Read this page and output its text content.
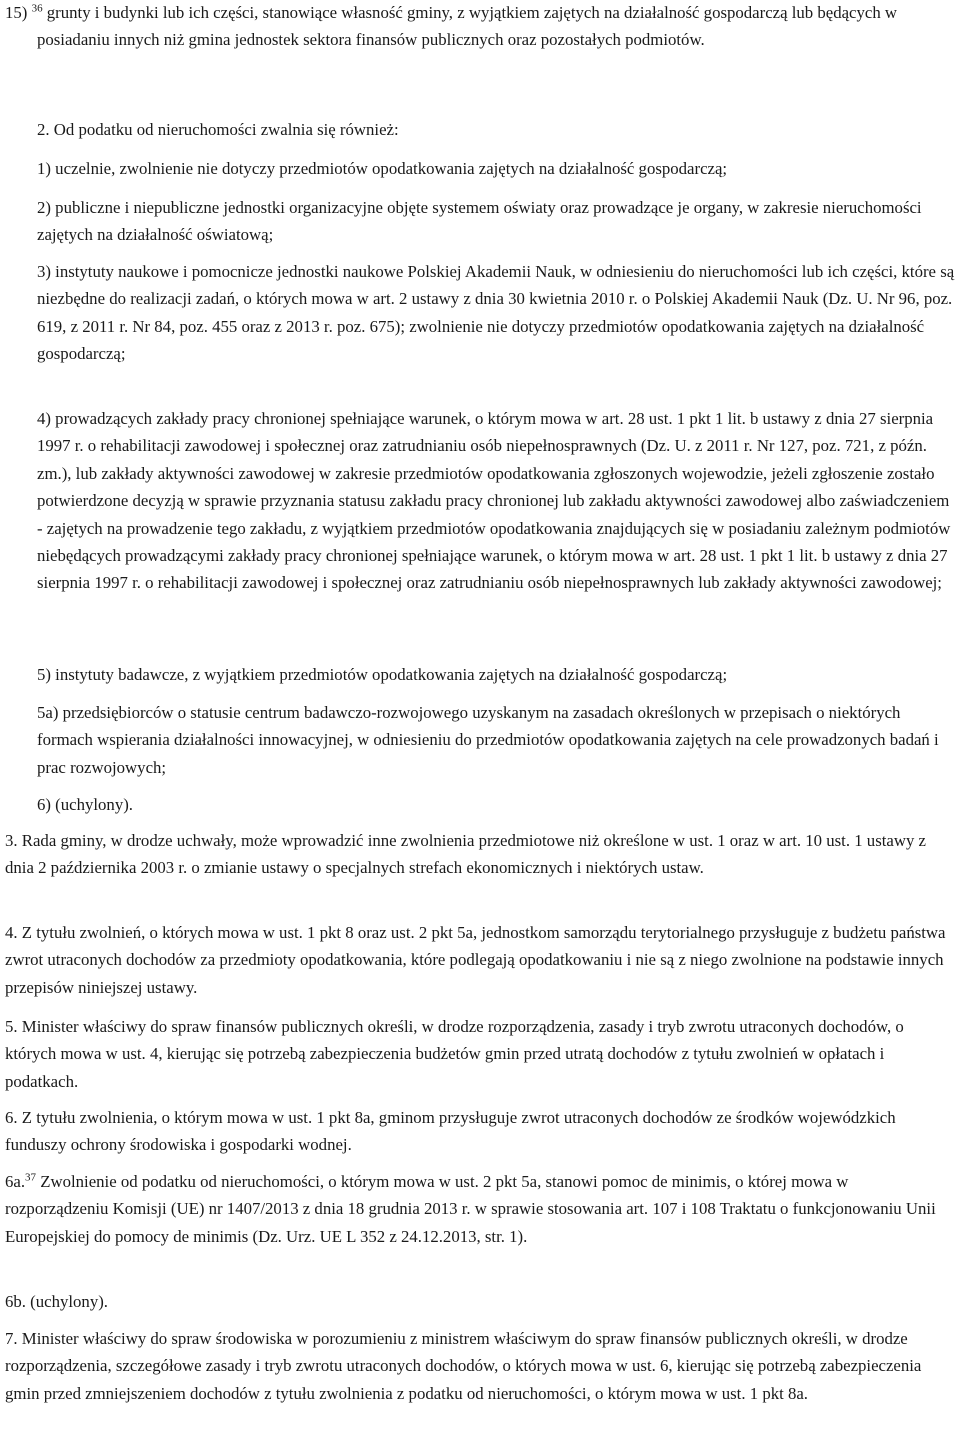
15) $^{36}$ grunty i budynki lub ich części, stanowiące własność gminy, z wyjątkiem zajętych na działalność gospodarczą lub będących w posiadaniu innych niż gmina jednostek sektora finansów publicznych oraz pozostałych podmiotów.

2. Od podatku od nieruchomości zwalnia się również:

1) uczelnie, zwolnienie nie dotyczy przedmiotów opodatkowania zajętych na działalność gospodarczą;

2) publiczne i niepubliczne jednostki organizacyjne objęte systemem oświaty oraz prowadzące je organy, w zakresie nieruchomości zajętych na działalność oświatową;

3) instytuty naukowe i pomocnicze jednostki naukowe Polskiej Akademii Nauk, w odniesieniu do nieruchomości lub ich części, które są niezbędne do realizacji zadań, o których mowa w art. 2 ustawy z dnia 30 kwietnia 2010 r. o Polskiej Akademii Nauk (Dz. U. Nr 96, poz. 619, z 2011 r. Nr 84, poz. 455 oraz z 2013 r. poz. 675); zwolnienie nie dotyczy przedmiotów opodatkowania zajętych na działalność gospodarczą;

4) prowadzących zakłady pracy chronionej spełniające warunek, o którym mowa w art. 28 ust. 1 pkt 1 lit. b ustawy z dnia 27 sierpnia 1997 r. o rehabilitacji zawodowej i społecznej oraz zatrudnianiu osób niepełnosprawnych (Dz. U. z 2011 r. Nr 127, poz. 721, z późn. zm.), lub zakłady aktywności zawodowej w zakresie przedmiotów opodatkowania zgłoszonych wojewodzie, jeżeli zgłoszenie zostało potwierdzone decyzją w sprawie przyznania statusu zakładu pracy chronionej lub zakładu aktywności zawodowej albo zaświadczeniem - zajętych na prowadzenie tego zakładu, z wyjątkiem przedmiotów opodatkowania znajdujących się w posiadaniu zależnym podmiotów niebędących prowadzącymi zakłady pracy chronionej spełniające warunek, o którym mowa w art. 28 ust. 1 pkt 1 lit. b ustawy z dnia 27 sierpnia 1997 r. o rehabilitacji zawodowej i społecznej oraz zatrudnianiu osób niepełnosprawnych lub zakłady aktywności zawodowej;

5) instytuty badawcze, z wyjątkiem przedmiotów opodatkowania zajętych na działalność gospodarczą;

5a) przedsiębiorców o statusie centrum badawczo-rozwojowego uzyskanym na zasadach określonych w przepisach o niektórych formach wspierania działalności innowacyjnej, w odniesieniu do przedmiotów opodatkowania zajętych na cele prowadzonych badań i prac rozwojowych;

6) (uchylony).

3. Rada gminy, w drodze uchwały, może wprowadzić inne zwolnienia przedmiotowe niż określone w ust. 1 oraz w art. 10 ust. 1 ustawy z dnia 2 października 2003 r. o zmianie ustawy o specjalnych strefach ekonomicznych i niektórych ustaw.

4. Z tytułu zwolnień, o których mowa w ust. 1 pkt 8 oraz ust. 2 pkt 5a, jednostkom samorządu terytorialnego przysługuje z budżetu państwa zwrot utraconych dochodów za przedmioty opodatkowania, które podlegają opodatkowaniu i nie są z niego zwolnione na podstawie innych przepisów niniejszej ustawy.

5. Minister właściwy do spraw finansów publicznych określi, w drodze rozporządzenia, zasady i tryb zwrotu utraconych dochodów, o których mowa w ust. 4, kierując się potrzebą zabezpieczenia budżetów gmin przed utratą dochodów z tytułu zwolnień w opłatach i podatkach.

6. Z tytułu zwolnienia, o którym mowa w ust. 1 pkt 8a, gminom przysługuje zwrot utraconych dochodów ze środków wojewódzkich funduszy ochrony środowiska i gospodarki wodnej.

6a.$^{37}$ Zwolnienie od podatku od nieruchomości, o którym mowa w ust. 2 pkt 5a, stanowi pomoc de minimis, o której mowa w rozporządzeniu Komisji (UE) nr 1407/2013 z dnia 18 grudnia 2013 r. w sprawie stosowania art. 107 i 108 Traktatu o funkcjonowaniu Unii Europejskiej do pomocy de minimis (Dz. Urz. UE L 352 z 24.12.2013, str. 1).

6b. (uchylony).

7. Minister właściwy do spraw środowiska w porozumieniu z ministrem właściwym do spraw finansów publicznych określi, w drodze rozporządzenia, szczegółowe zasady i tryb zwrotu utraconych dochodów, o których mowa w ust. 6, kierując się potrzebą zabezpieczenia gmin przed zmniejszeniem dochodów z tytułu zwolnienia z podatku od nieruchomości, o którym mowa w ust. 1 pkt 8a.
